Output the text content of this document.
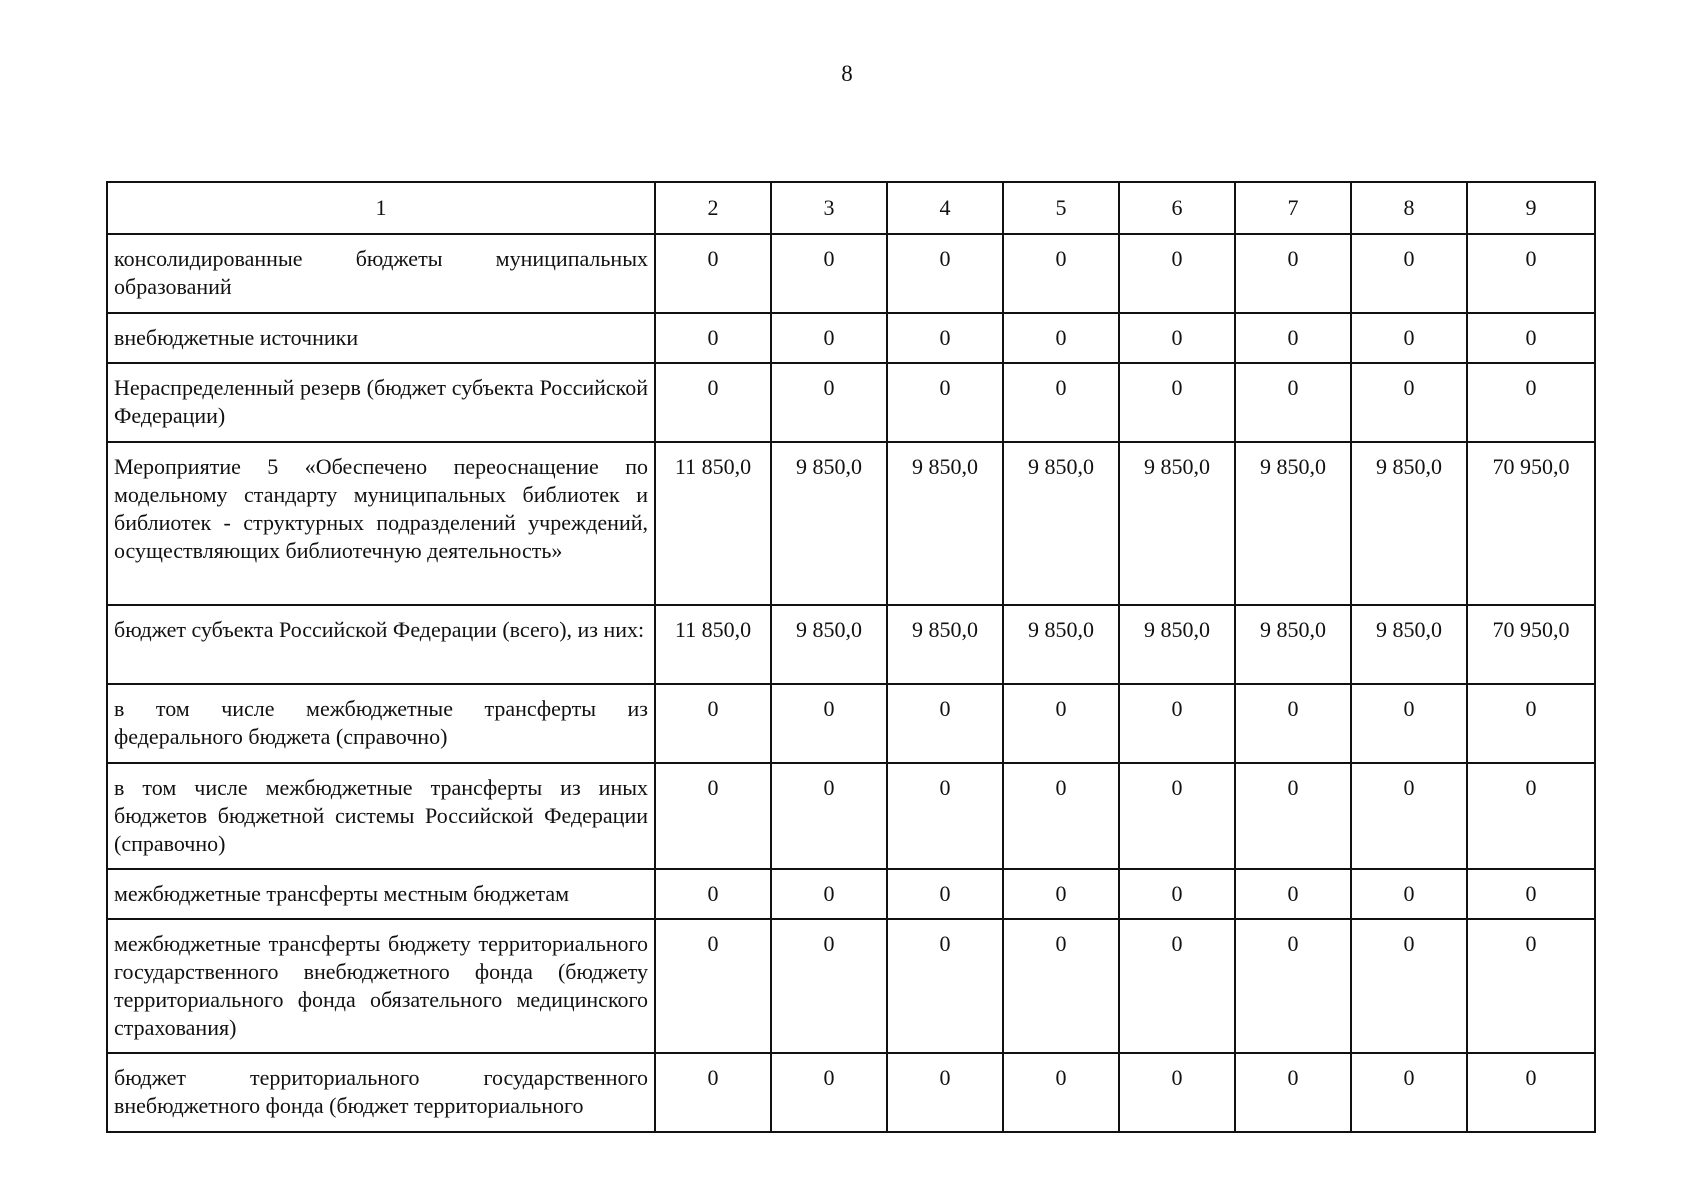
8
1	2	3	4	5	6	7	8	9
консолидированные бюджеты муниципальных образований	0	0	0	0	0	0	0	0
внебюджетные источники	0	0	0	0	0	0	0	0
Нераспределенный резерв (бюджет субъекта Российской Федерации)	0	0	0	0	0	0	0	0
Мероприятие 5 «Обеспечено переоснащение по модельному стандарту муниципальных библиотек и библиотек - структурных подразделений учреждений, осуществляющих библиотечную деятельность»	11 850,0	9 850,0	9 850,0	9 850,0	9 850,0	9 850,0	9 850,0	70 950,0
бюджет субъекта Российской Федерации (всего), из них:	11 850,0	9 850,0	9 850,0	9 850,0	9 850,0	9 850,0	9 850,0	70 950,0
в том числе межбюджетные трансферты из федерального бюджета (справочно)	0	0	0	0	0	0	0	0
в том числе межбюджетные трансферты из иных бюджетов бюджетной системы Российской Федерации (справочно)	0	0	0	0	0	0	0	0
межбюджетные трансферты местным бюджетам	0	0	0	0	0	0	0	0
межбюджетные трансферты бюджету территориального государственного внебюджетного фонда (бюджету территориального фонда обязательного медицинского страхования)	0	0	0	0	0	0	0	0
бюджет территориального государственного внебюджетного фонда (бюджет территориального	0	0	0	0	0	0	0	0
